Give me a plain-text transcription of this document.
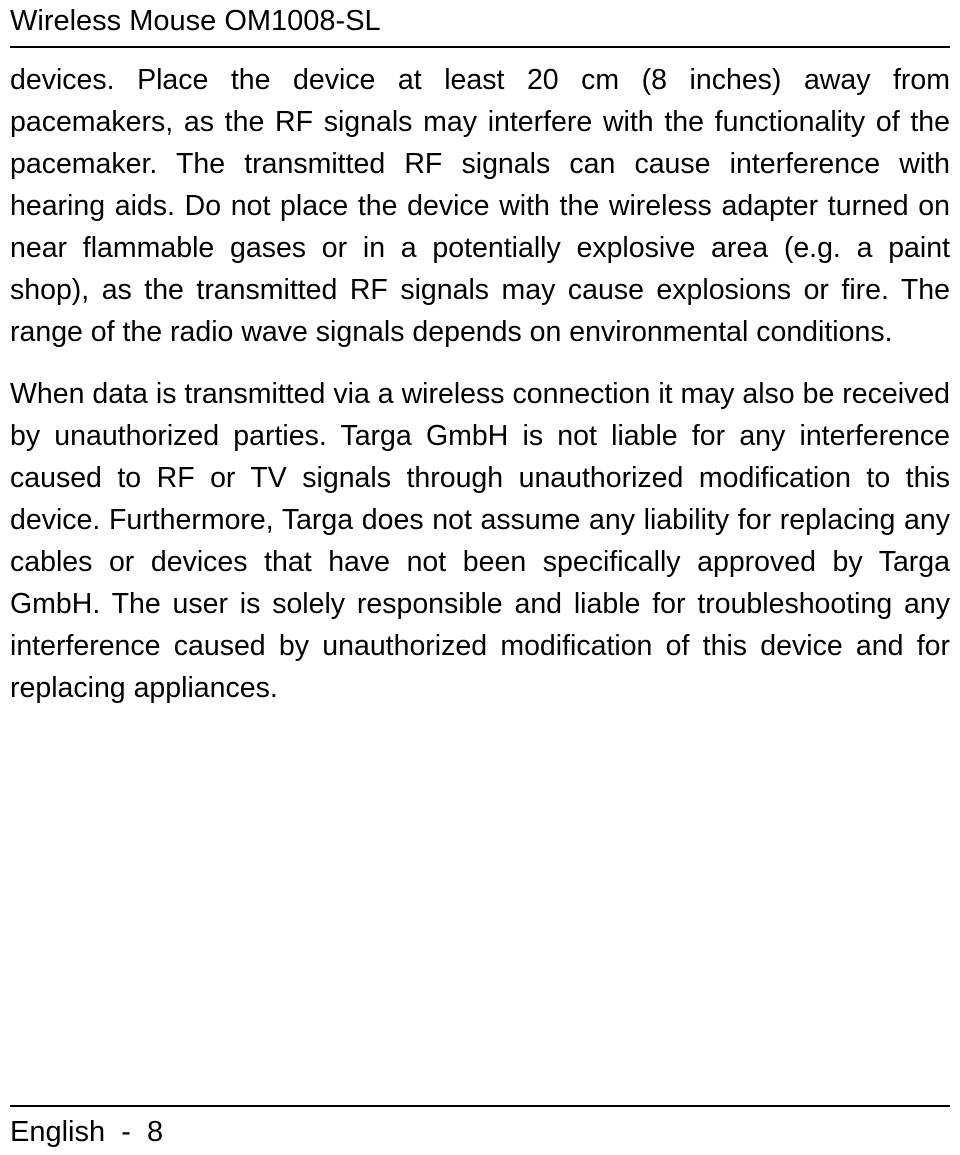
Wireless Mouse OM1008-SL

devices. Place the device at least 20 cm (8 inches) away from pacemakers, as the RF signals may interfere with the functionality of the pacemaker. The transmitted RF signals can cause interference with hearing aids. Do not place the device with the wireless adapter turned on near flammable gases or in a potentially explosive area (e.g. a paint shop), as the transmitted RF signals may cause explosions or fire. The range of the radio wave signals depends on environmental conditions.

When data is transmitted via a wireless connection it may also be received by unauthorized parties. Targa GmbH is not liable for any interference caused to RF or TV signals through unauthorized modification to this device. Furthermore, Targa does not assume any liability for replacing any cables or devices that have not been specifically approved by Targa GmbH. The user is solely responsible and liable for troubleshooting any interference caused by unauthorized modification of this device and for replacing appliances.

English  -  8
